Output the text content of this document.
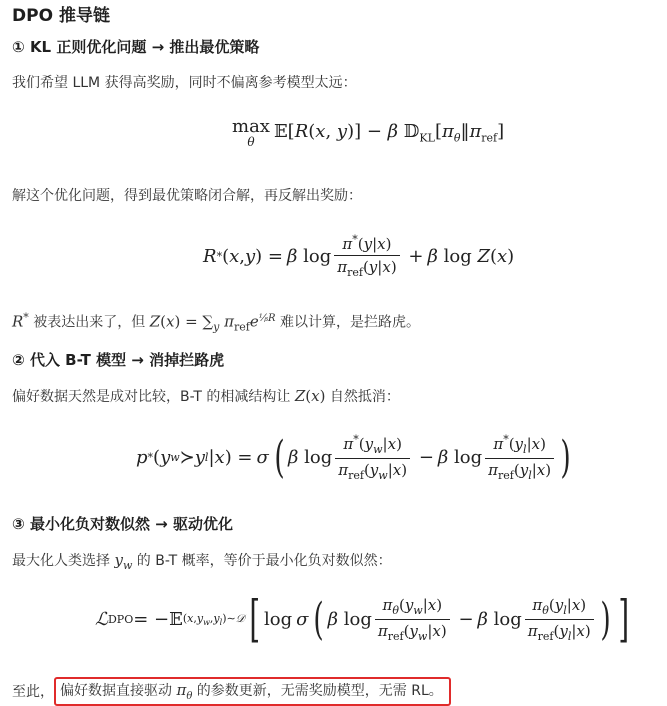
DPO 推导链
① KL 正则优化问题 → 推出最优策略
我们希望 LLM 获得高奖励，同时不偏离参考模型太远：
max
θ
𝔼[R(x, y)] − β $𝔻_{KL}[\pi_\theta‖\pi_{ref}]$
解这个优化问题，得到最优策略闭合解，再反解出奖励：
R * ( x , y ) = β $\log \frac{\pi^*(y|x)}{\pi_{ref}(y|x)} + \beta$ log Z ( x )
R* 被表达出来了，但 $Z(x) = \sum_y$ $\pi_{ref}e^{^1⁄ᵦR}$ 难以计算，是拦路虎。
② 代入 B-T 模型 → 消掉拦路虎
偏好数据天然是成对比较，B-T 的相减结构让 Z(x) 自然抵消：
p * ( y w ≻ y l | x ) = σ ( β $\log \frac{\pi^*(y_w|x)}{\pi_{ref}(y_w|x)} - \beta$ $\log \frac{\pi^*(y_l|x)}{\pi_{ref}(y_l|x)}$ )
③ 最小化负对数似然 → 驱动优化
最大化人类选择 $y_w$ 的 B-T 概率，等价于最小化负对数似然：
ℒ DPO = −𝔼 $(x,y_w,y_l)\sim 𝒟$ [ log σ ( β $\log \frac{\pi_\theta(y_w|x)}{\pi_{ref}(y_w|x)} - \beta$ $\log \frac{\pi_\theta(y_l|x)}{\pi_{ref}(y_l|x)}$ ) ]
至此， 偏好数据直接驱动 $\pi_\theta$ 的参数更新，无需奖励模型，无需 RL。
